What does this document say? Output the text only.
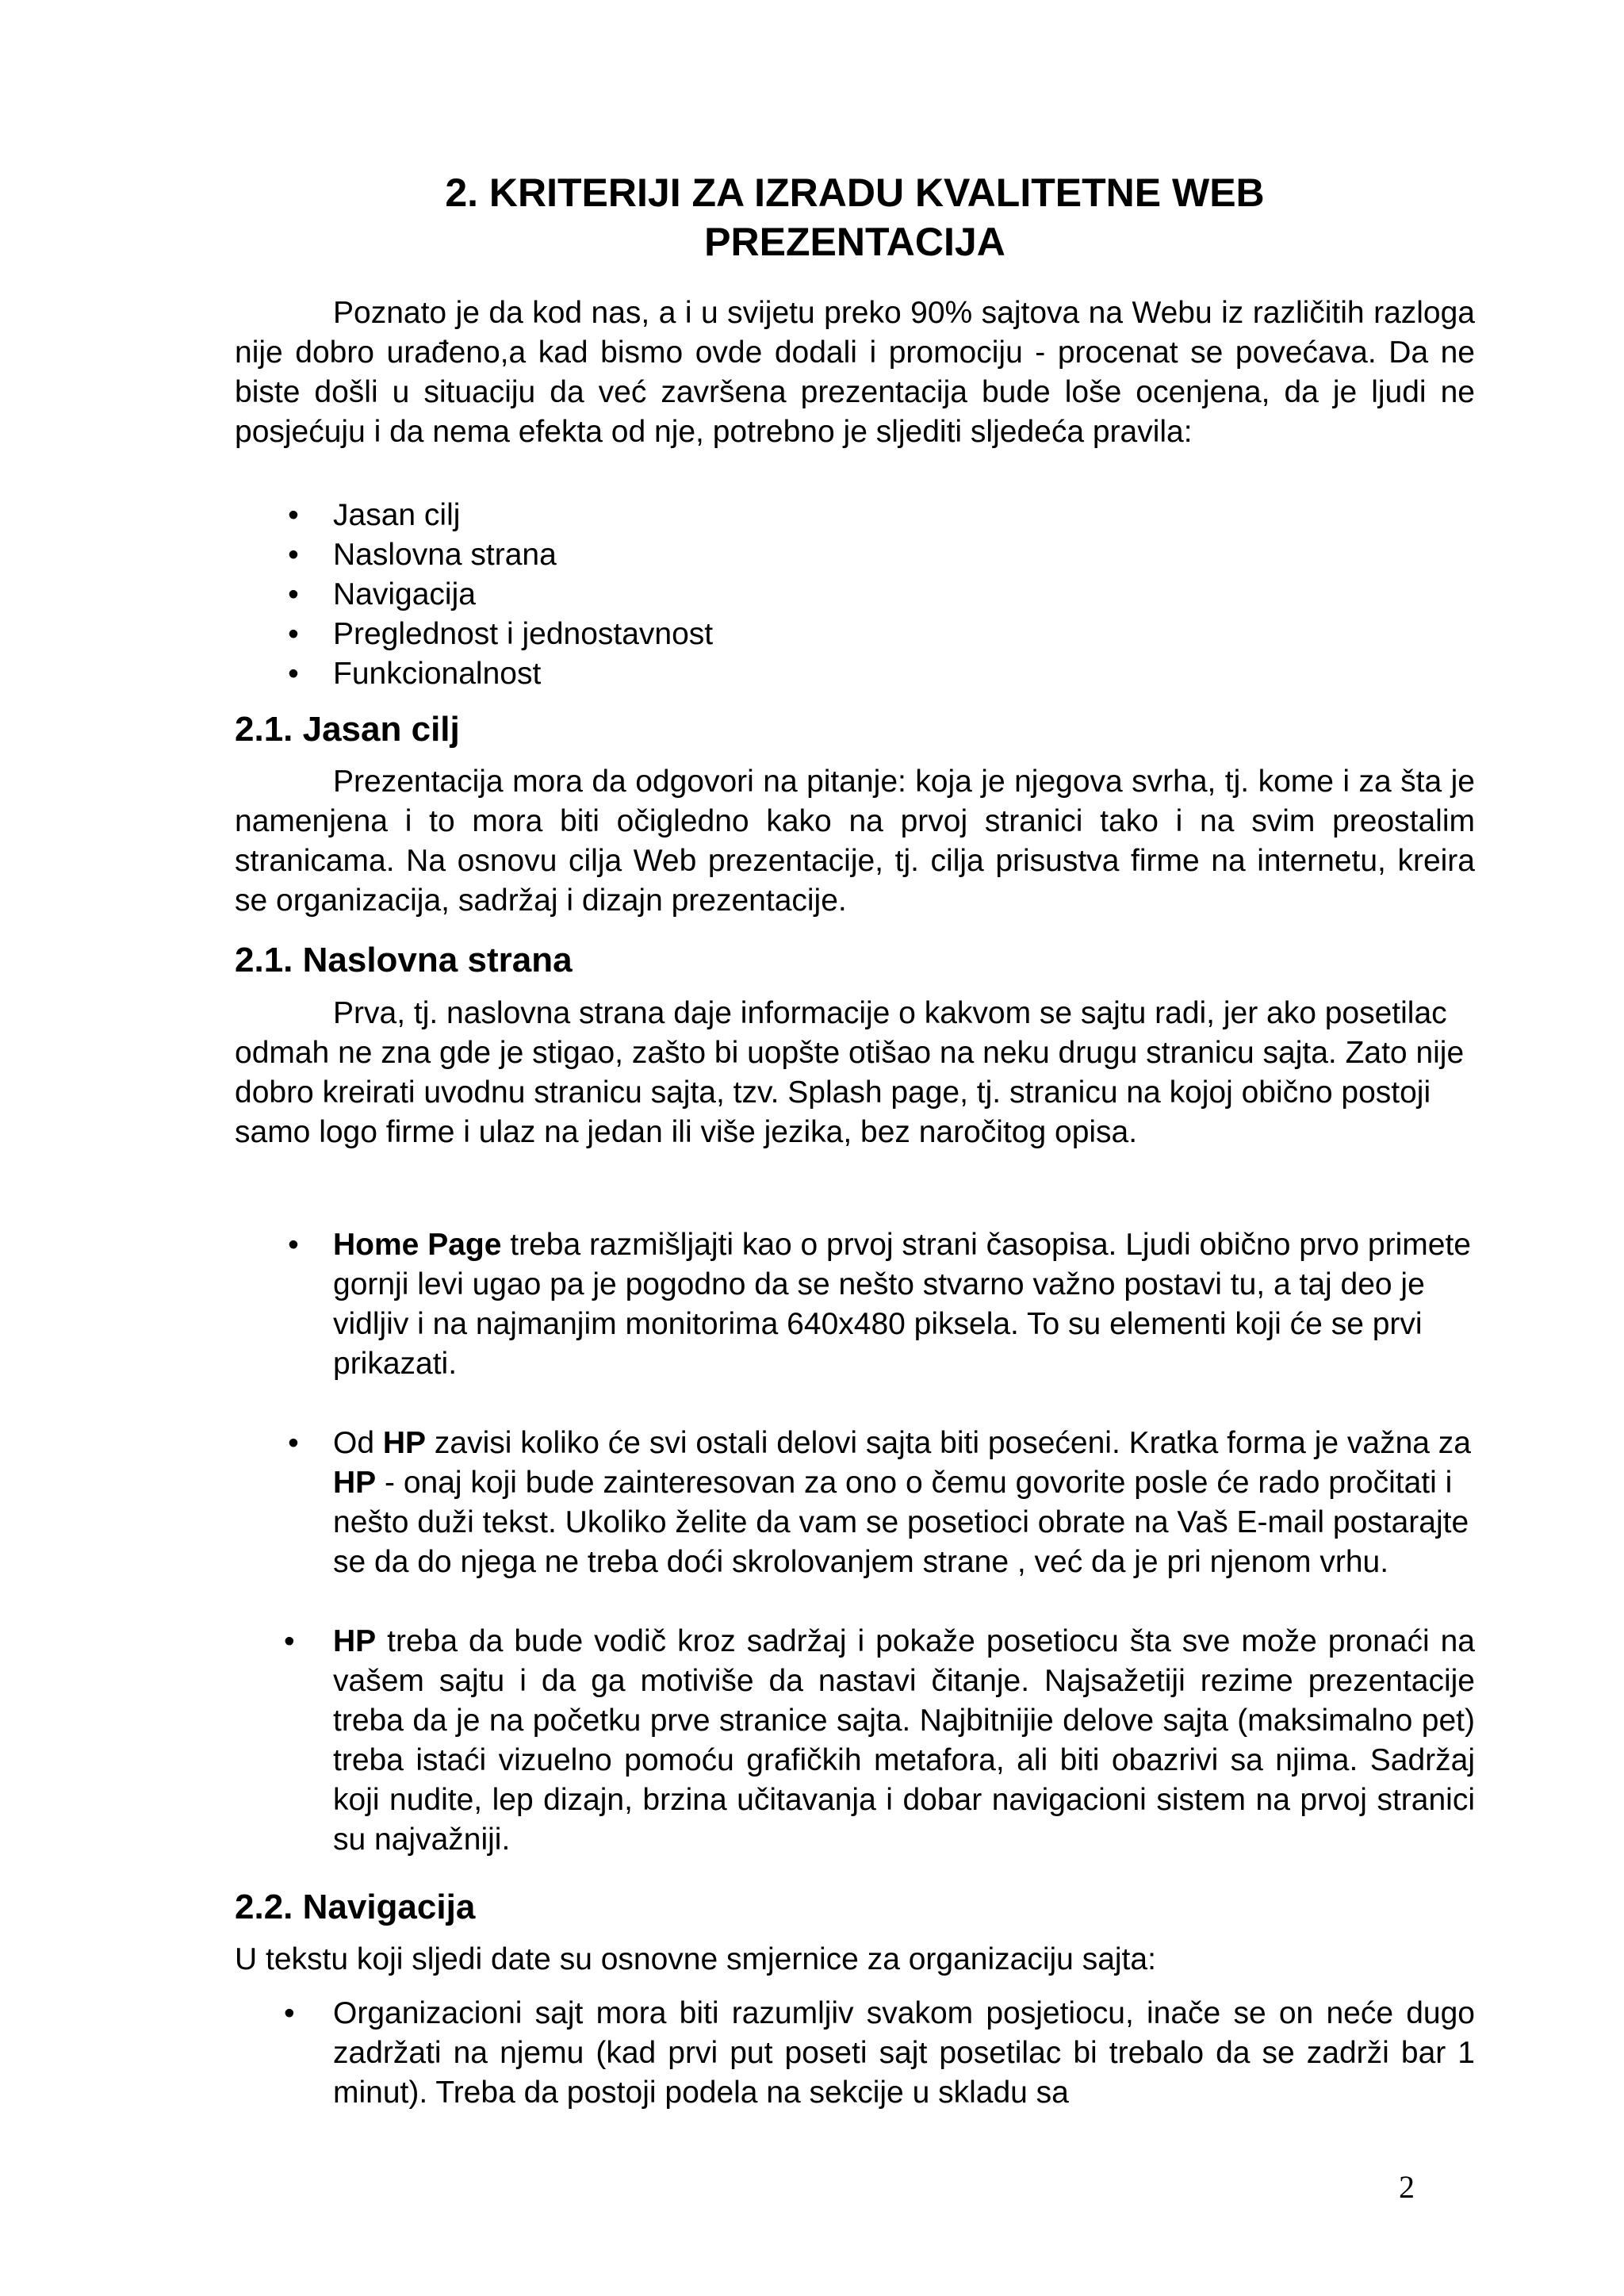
2. KRITERIJI ZA IZRADU KVALITETNE WEB
PREZENTACIJA

Poznato je da kod nas, a i u svijetu preko 90% sajtova na Webu iz različitih razloga nije dobro urađeno,a kad bismo ovde dodali i promociju - procenat se povećava. Da ne biste došli u situaciju da već završena prezentacija bude loše ocenjena, da je ljudi ne posjećuju i da nema efekta od nje, potrebno je sljediti sljedeća pravila:

• Jasan cilj
• Naslovna strana
• Navigacija
• Preglednost i jednostavnost
• Funkcionalnost
2.1. Jasan cilj

Prezentacija mora da odgovori na pitanje: koja je njegova svrha, tj. kome i za šta je namenjena i to mora biti očigledno kako na prvoj stranici tako i na svim preostalim stranicama. Na osnovu cilja Web prezentacije, tj. cilja prisustva firme na internetu, kreira se organizacija, sadržaj i dizajn prezentacije.

2.1. Naslovna strana

Prva, tj. naslovna strana daje informacije o kakvom se sajtu radi, jer ako posetilac odmah ne zna gde je stigao, zašto bi uopšte otišao na neku drugu stranicu sajta. Zato nije dobro kreirati uvodnu stranicu sajta, tzv. Splash page, tj. stranicu na kojoj obično postoji samo logo firme i ulaz na jedan ili više jezika, bez naročitog opisa.

• Home Page treba razmišljajti kao o prvoj strani časopisa. Ljudi obično prvo primete gornji levi ugao pa je pogodno da se nešto stvarno važno postavi tu, a taj deo je vidljiv i na najmanjim monitorima 640x480 piksela. To su elementi koji će se prvi prikazati.
• Od HP zavisi koliko će svi ostali delovi sajta biti posećeni. Kratka forma je važna za HP - onaj koji bude zainteresovan za ono o čemu govorite posle će rado pročitati i nešto duži tekst. Ukoliko želite da vam se posetioci obrate na Vaš E-mail postarajte se da do njega ne treba doći skrolovanjem strane , već da je pri njenom vrhu.
• HP treba da bude vodič kroz sadržaj i pokaže posetiocu šta sve može pronaći na vašem sajtu i da ga motiviše da nastavi čitanje. Najsažetiji rezime prezentacije treba da je na početku prve stranice sajta. Najbitnijie delove sajta (maksimalno pet) treba istaći vizuelno pomoću grafičkih metafora, ali biti obazrivi sa njima. Sadržaj koji nudite, lep dizajn, brzina učitavanja i dobar navigacioni sistem na prvoj stranici su najvažniji.
2.2. Navigacija

U tekstu koji sljedi date su osnovne smjernice za organizaciju sajta:

• Organizacioni sajt mora biti razumljiv svakom posjetiocu, inače se on neće dugo zadržati na njemu (kad prvi put poseti sajt posetilac bi trebalo da se zadrži bar 1 minut). Treba da postoji podela na sekcije u skladu sa
2
